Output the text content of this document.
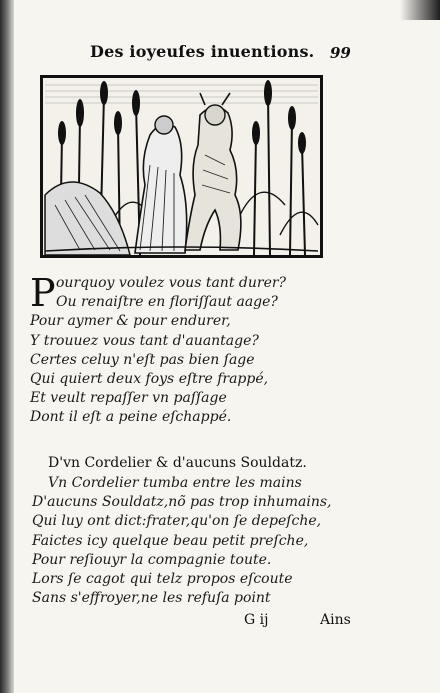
Des ioyeuſes inuentions. 99
P ourquoy voulez vous tant durer?
Ou renaiſtre en floriſſaut aage?
Pour aymer & pour endurer,
Y trouuez vous tant d'auantage?
Certes celuy n'eſt pas bien ſage
Qui quiert deux foys eſtre frappé,
Et veult repaſſer vn paſſage
Dont il eſt a peine eſchappé.
D'vn Cordelier & d'aucuns Souldatz.
Vn Cordelier tumba entre les mains
D'aucuns Souldatz,nõ pas trop inhumains,
Qui luy ont dict:frater,qu'on ſe depeſche,
Faictes icy quelque beau petit preſche,
Pour reſiouyr la compagnie toute.
Lors ſe cagot qui telz propos eſcoute
Sans s'effroyer,ne les refuſa point
G ij	Ains
